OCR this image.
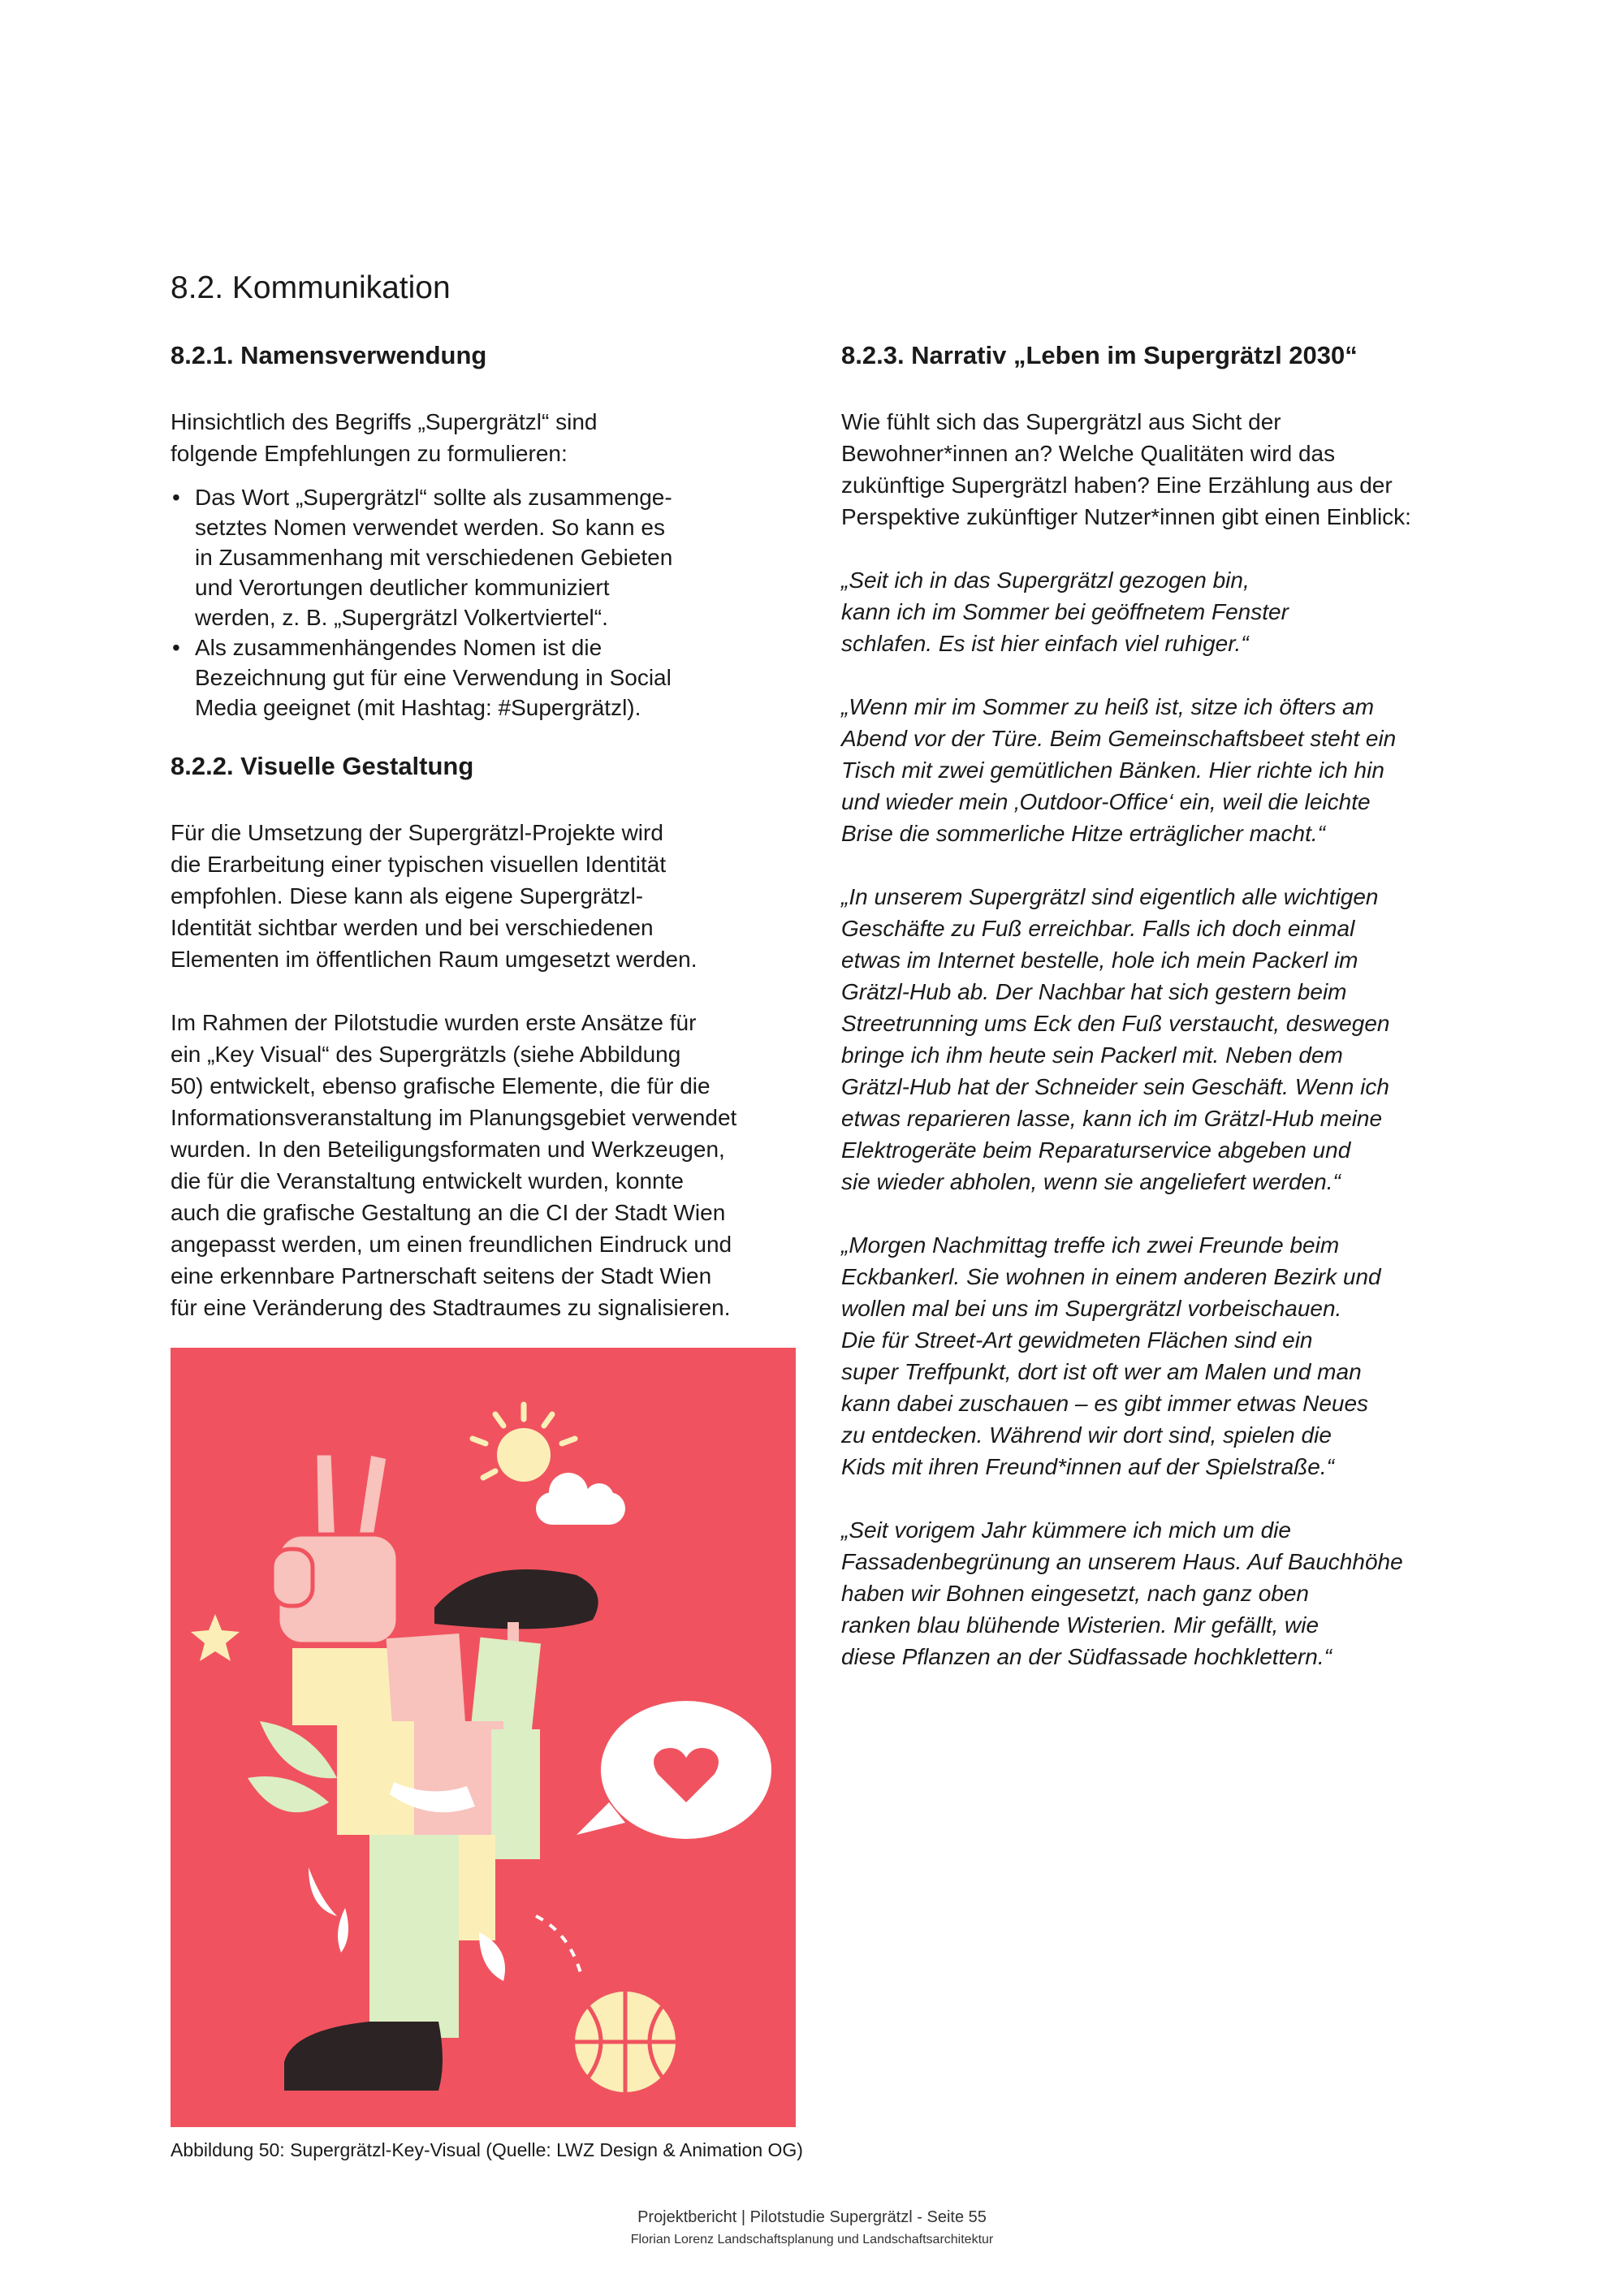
8.2. Kommunikation
8.2.1. Namensverwendung

Hinsichtlich des Begriffs „Supergrätzl“ sind

folgende Empfehlungen zu formulieren:

• Das Wort „Supergrätzl“ sollte als zusammenge-
setztes Nomen verwendet werden. So kann es
in Zusammenhang mit verschiedenen Gebieten
und Verortungen deutlicher kommuniziert
werden, z. B. „Supergrätzl Volkertviertel“.
• Als zusammenhängendes Nomen ist die
Bezeichnung gut für eine Verwendung in Social
Media geeignet (mit Hashtag: #Supergrätzl).
8.2.2. Visuelle Gestaltung

Für die Umsetzung der Supergrätzl-Projekte wird

die Erarbeitung einer typischen visuellen Identität

empfohlen. Diese kann als eigene Supergrätzl-

Identität sichtbar werden und bei verschiedenen

Elementen im öffentlichen Raum umgesetzt werden.

Im Rahmen der Pilotstudie wurden erste Ansätze für

ein „Key Visual“ des Supergrätzls (siehe Abbildung

50) entwickelt, ebenso grafische Elemente, die für die

Informationsveranstaltung im Planungsgebiet verwendet

wurden. In den Beteiligungsformaten und Werkzeugen,

die für die Veranstaltung entwickelt wurden, konnte

auch die grafische Gestaltung an die CI der Stadt Wien

angepasst werden, um einen freundlichen Eindruck und

eine erkennbare Partnerschaft seitens der Stadt Wien

für eine Veränderung des Stadtraumes zu signalisieren.

Abbildung 50: Supergrätzl-Key-Visual (Quelle: LWZ Design & Animation OG)
8.2.3. Narrativ „Leben im Supergrätzl 2030“

Wie fühlt sich das Supergrätzl aus Sicht der

Bewohner*innen an? Welche Qualitäten wird das

zukünftige Supergrätzl haben? Eine Erzählung aus der

Perspektive zukünftiger Nutzer*innen gibt einen Einblick:

„Seit ich in das Supergrätzl gezogen bin,

kann ich im Sommer bei geöffnetem Fenster

schlafen. Es ist hier einfach viel ruhiger.“

„Wenn mir im Sommer zu heiß ist, sitze ich öfters am

Abend vor der Türe. Beim Gemeinschaftsbeet steht ein

Tisch mit zwei gemütlichen Bänken. Hier richte ich hin

und wieder mein ‚Outdoor-Office‘ ein, weil die leichte

Brise die sommerliche Hitze erträglicher macht.“

„In unserem Supergrätzl sind eigentlich alle wichtigen

Geschäfte zu Fuß erreichbar. Falls ich doch einmal

etwas im Internet bestelle, hole ich mein Packerl im

Grätzl-Hub ab. Der Nachbar hat sich gestern beim

Streetrunning ums Eck den Fuß verstaucht, deswegen

bringe ich ihm heute sein Packerl mit. Neben dem

Grätzl-Hub hat der Schneider sein Geschäft. Wenn ich

etwas reparieren lasse, kann ich im Grätzl-Hub meine

Elektrogeräte beim Reparaturservice abgeben und

sie wieder abholen, wenn sie angeliefert werden.“

„Morgen Nachmittag treffe ich zwei Freunde beim

Eckbankerl. Sie wohnen in einem anderen Bezirk und

wollen mal bei uns im Supergrätzl vorbeischauen.

Die für Street-Art gewidmeten Flächen sind ein

super Treffpunkt, dort ist oft wer am Malen und man

kann dabei zuschauen – es gibt immer etwas Neues

zu entdecken. Während wir dort sind, spielen die

Kids mit ihren Freund*innen auf der Spielstraße.“

„Seit vorigem Jahr kümmere ich mich um die

Fassadenbegrünung an unserem Haus. Auf Bauchhöhe

haben wir Bohnen eingesetzt, nach ganz oben

ranken blau blühende Wisterien. Mir gefällt, wie

diese Pflanzen an der Südfassade hochklettern.“

Projektbericht | Pilotstudie Supergrätzl - Seite 55
Florian Lorenz Landschaftsplanung und Landschaftsarchitektur
